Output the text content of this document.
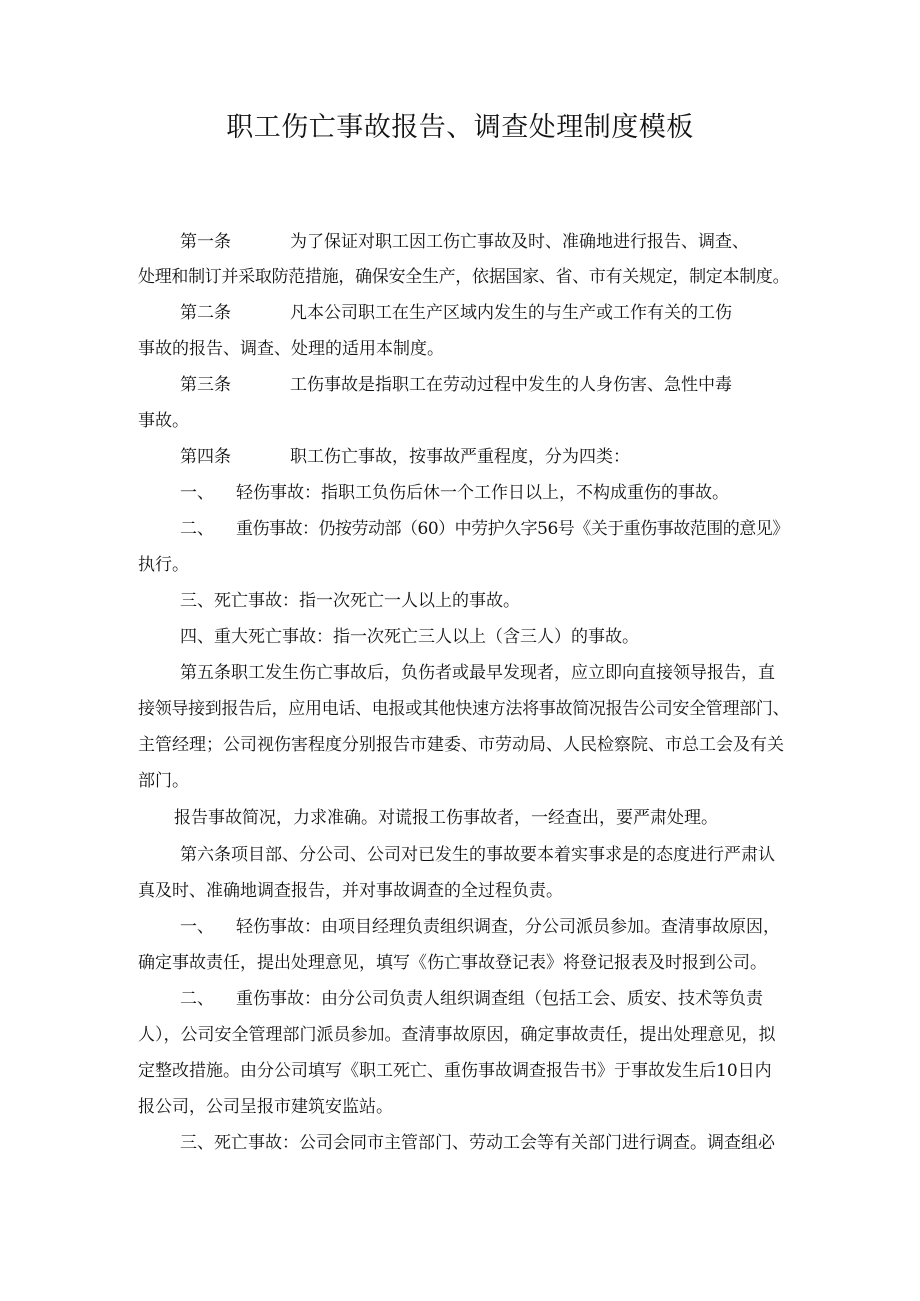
职工伤亡事故报告、调查处理制度模板
第一条	为了保证对职工因工伤亡事故及时、准确地进行报告、调查、
处理和制订并采取防范措施，确保安全生产，依据国家、省、市有关规定，制定本制度。
第二条	凡本公司职工在生产区域内发生的与生产或工作有关的工伤
事故的报告、调查、处理的适用本制度。
第三条	工伤事故是指职工在劳动过程中发生的人身伤害、急性中毒
事故。
第四条	职工伤亡事故，按事故严重程度，分为四类：
一、 轻伤事故：指职工负伤后休一个工作日以上，不构成重伤的事故。
二、 重伤事故：仍按劳动部（60）中劳护久字56号《关于重伤事故范围的意见》
执行。
三、死亡事故：指一次死亡一人以上的事故。
四、重大死亡事故：指一次死亡三人以上（含三人）的事故。
第五条职工发生伤亡事故后，负伤者或最早发现者，应立即向直接领导报告，直
接领导接到报告后，应用电话、电报或其他快速方法将事故简况报告公司安全管理部门、
主管经理；公司视伤害程度分别报告市建委、市劳动局、人民检察院、市总工会及有关
部门。
报告事故简况，力求准确。对谎报工伤事故者，一经查出，要严肃处理。
第六条项目部、分公司、公司对已发生的事故要本着实事求是的态度进行严肃认
真及时、准确地调查报告，并对事故调查的全过程负责。
一、 轻伤事故：由项目经理负责组织调查，分公司派员参加。查清事故原因，
确定事故责任，提出处理意见，填写《伤亡事故登记表》将登记报表及时报到公司。
二、 重伤事故：由分公司负责人组织调查组（包括工会、质安、技术等负责
人），公司安全管理部门派员参加。查清事故原因，确定事故责任，提出处理意见，拟
定整改措施。由分公司填写《职工死亡、重伤事故调查报告书》于事故发生后10日内
报公司，公司呈报市建筑安监站。
三、死亡事故：公司会同市主管部门、劳动工会等有关部门进行调查。调查组必
